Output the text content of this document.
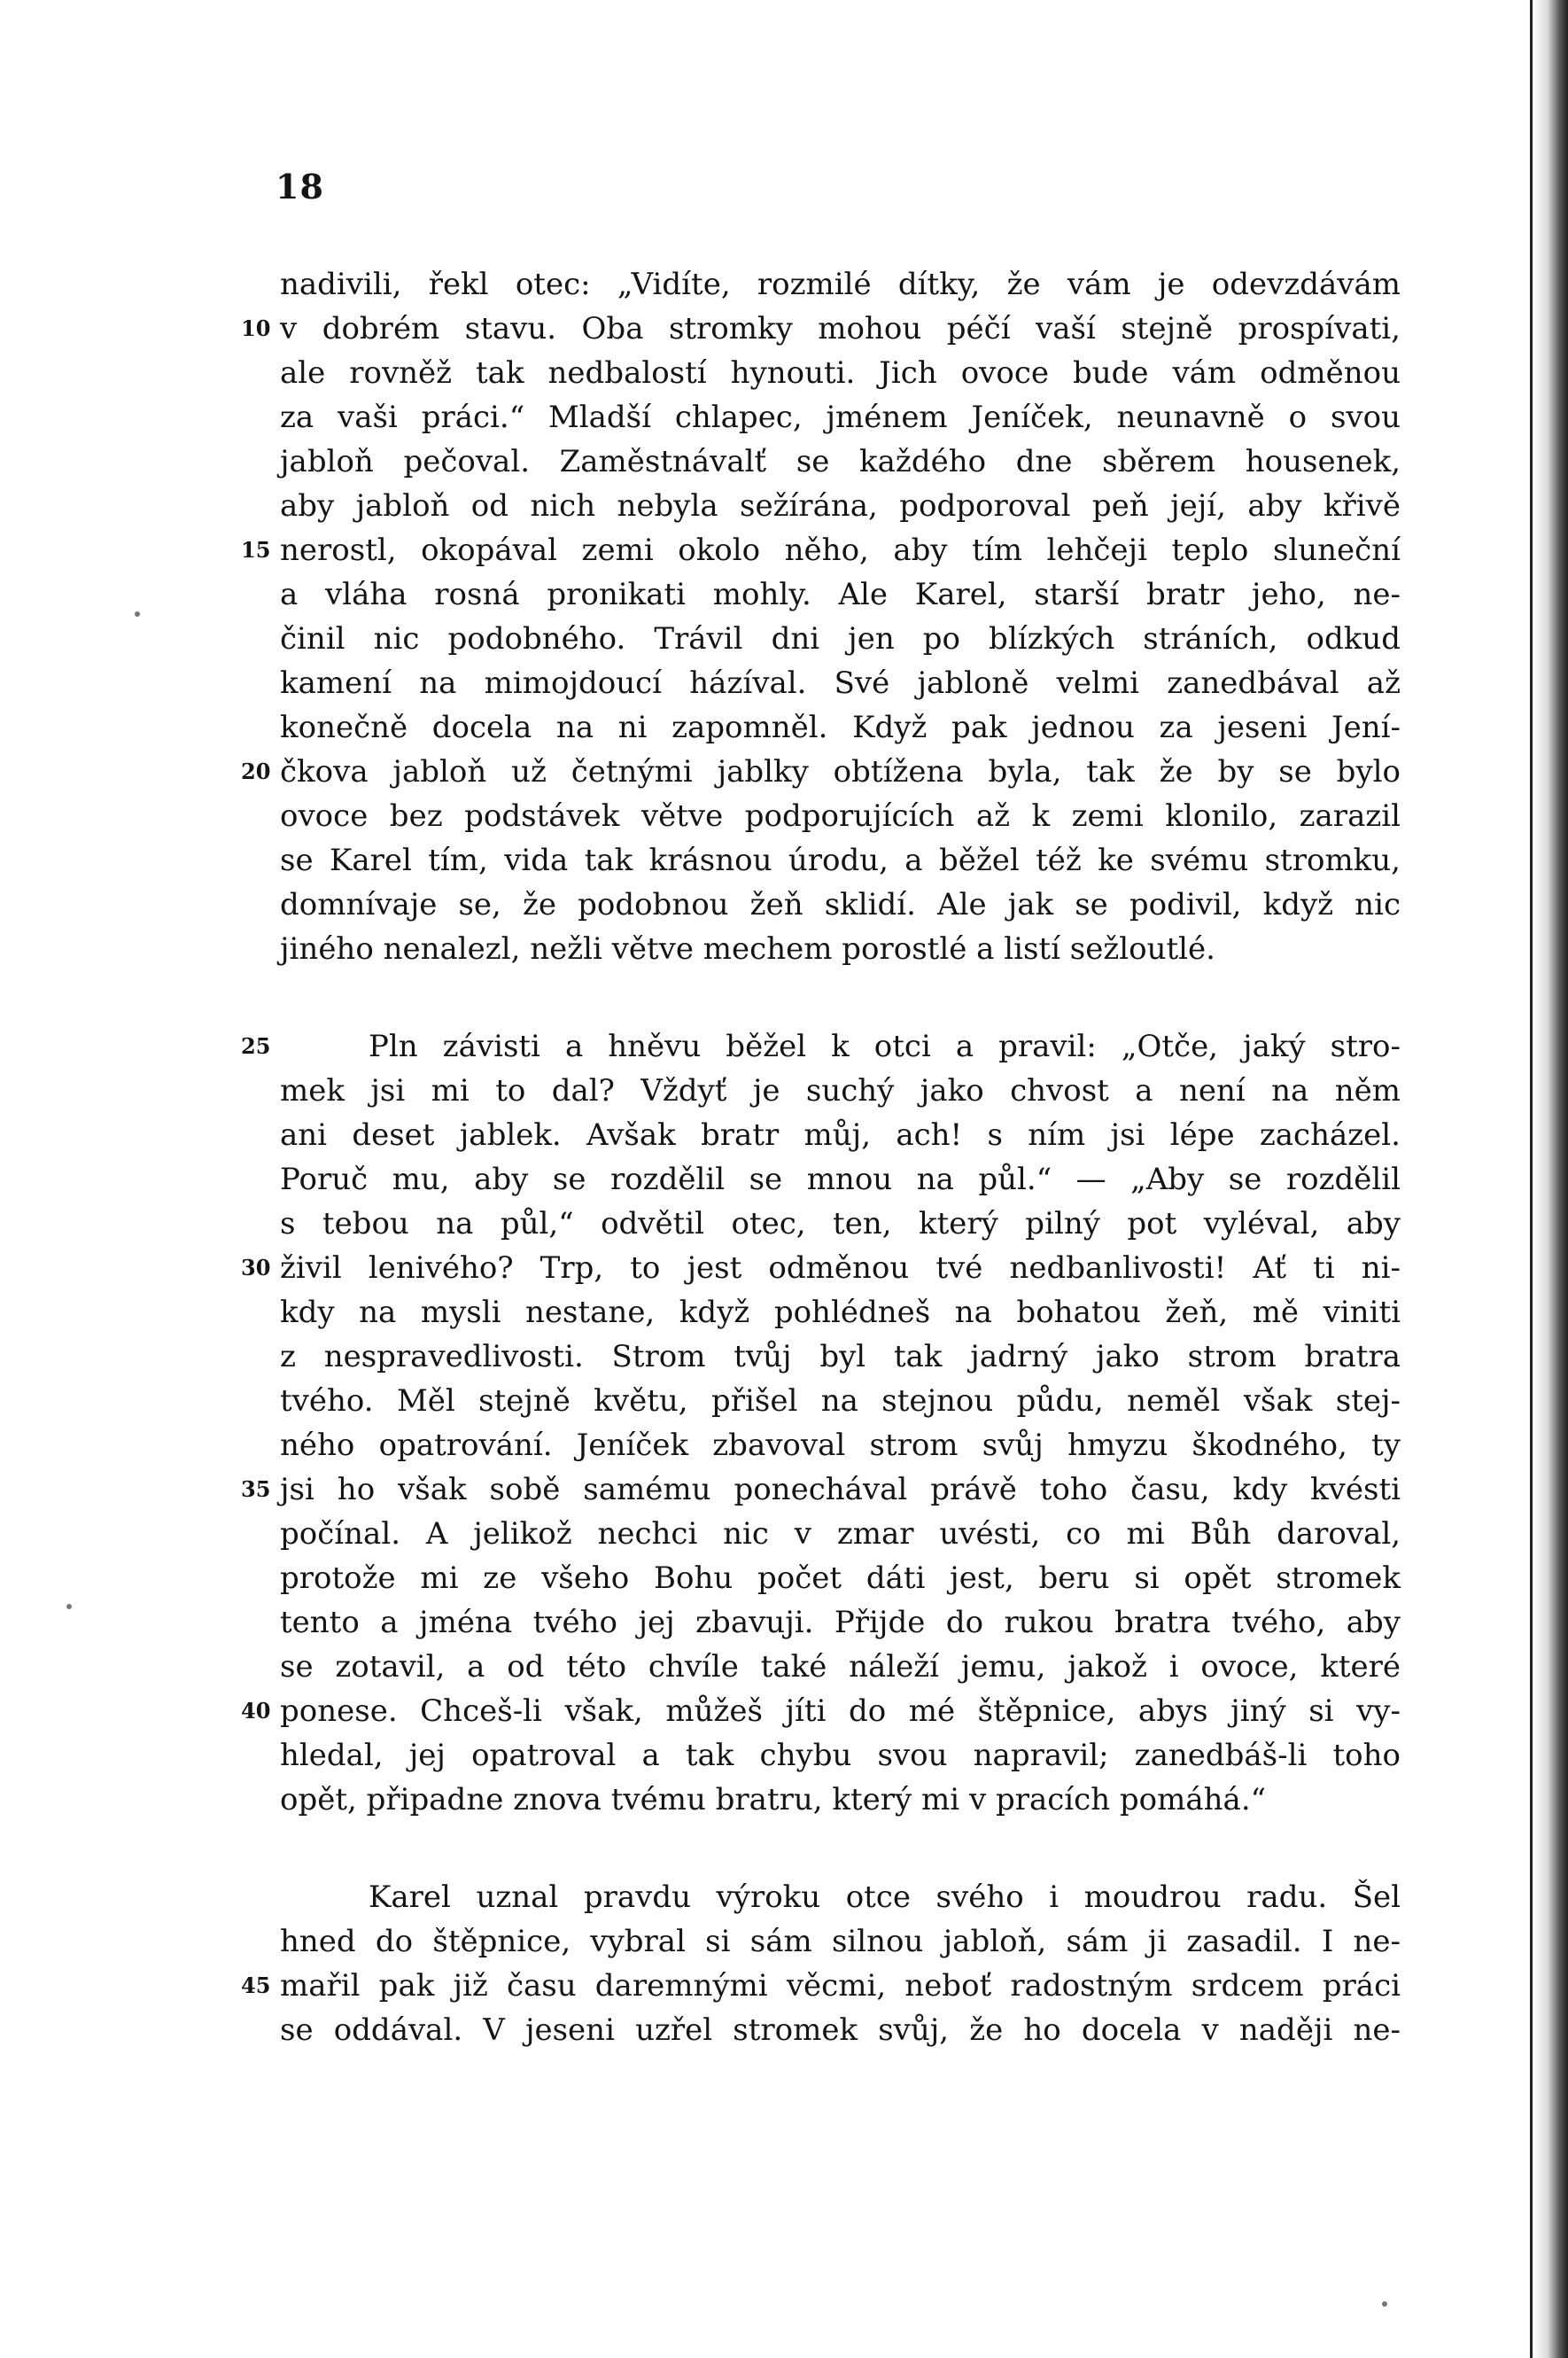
18
nadivili, řekl otec: „Vidíte, rozmilé dítky, že vám je odevzdávám
10 v dobrém stavu. Oba stromky mohou péčí vaší stejně prospívati,
ale rovněž tak nedbalostí hynouti. Jich ovoce bude vám odměnou
za vaši práci.“ Mladší chlapec, jménem Jeníček, neunavně o svou
jabloň pečoval. Zaměstnávalť se každého dne sběrem housenek,
aby jabloň od nich nebyla sežírána, podporoval peň její, aby křivě
15 nerostl, okopával zemi okolo něho, aby tím lehčeji teplo sluneční
a vláha rosná pronikati mohly. Ale Karel, starší bratr jeho, ne-
činil nic podobného. Trávil dni jen po blízkých stráních, odkud
kamení na mimojdoucí házíval. Své jabloně velmi zanedbával až
konečně docela na ni zapomněl. Když pak jednou za jeseni Jení-
20 čkova jabloň už četnými jablky obtížena byla, tak že by se bylo
ovoce bez podstávek větve podporujících až k zemi klonilo, zarazil
se Karel tím, vida tak krásnou úrodu, a běžel též ke svému stromku,
domnívaje se, že podobnou žeň sklidí. Ale jak se podivil, když nic
jiného nenalezl, nežli větve mechem porostlé a listí sežloutlé.
25	Pln závisti a hněvu běžel k otci a pravil: „Otče, jaký stro-
mek jsi mi to dal? Vždyť je suchý jako chvost a není na něm
ani deset jablek. Avšak bratr můj, ach! s ním jsi lépe zacházel.
Poruč mu, aby se rozdělil se mnou na půl.“ — „Aby se rozdělil
s tebou na půl,“ odvětil otec, ten, který pilný pot vyléval, aby
30 živil lenivého? Trp, to jest odměnou tvé nedbanlivosti! Ať ti ni-
kdy na mysli nestane, když pohlédneš na bohatou žeň, mě viniti
z nespravedlivosti. Strom tvůj byl tak jadrný jako strom bratra
tvého. Měl stejně květu, přišel na stejnou půdu, neměl však stej-
ného opatrování. Jeníček zbavoval strom svůj hmyzu škodného, ty
35 jsi ho však sobě samému ponechával právě toho času, kdy kvésti
počínal. A jelikož nechci nic v zmar uvésti, co mi Bůh daroval,
protože mi ze všeho Bohu počet dáti jest, beru si opět stromek
tento a jména tvého jej zbavuji. Přijde do rukou bratra tvého, aby
se zotavil, a od této chvíle také náleží jemu, jakož i ovoce, které
40 ponese. Chceš-li však, můžeš jíti do mé štěpnice, abys jiný si vy-
hledal, jej opatroval a tak chybu svou napravil; zanedbáš-li toho
opět, připadne znova tvému bratru, který mi v pracích pomáhá.“
Karel uznal pravdu výroku otce svého i moudrou radu. Šel
hned do štěpnice, vybral si sám silnou jabloň, sám ji zasadil. I ne-
45 mařil pak již času daremnými věcmi, neboť radostným srdcem práci
se oddával. V jeseni uzřel stromek svůj, že ho docela v naději ne-
